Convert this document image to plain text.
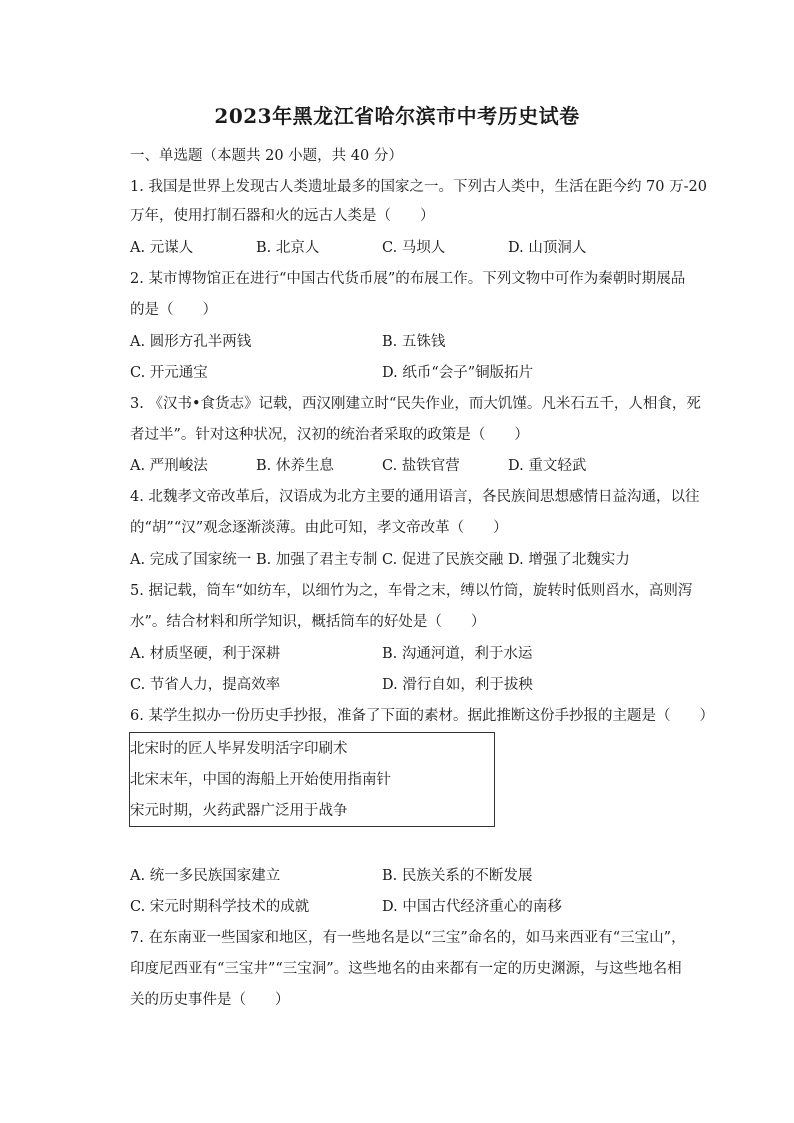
2023年黑龙江省哈尔滨市中考历史试卷
一、单选题（本题共 20 小题，共 40 分）
1. 我国是世界上发现古人类遗址最多的国家之一。下列古人类中，生活在距今约 70 万-20
万年，使用打制石器和火的远古人类是（　　）
A. 元谋人	B. 北京人	C. 马坝人	D. 山顶洞人
2. 某市博物馆正在进行“中国古代货币展”的布展工作。下列文物中可作为秦朝时期展品
的是（　　）
A. 圆形方孔半两钱	B. 五铢钱
C. 开元通宝	D. 纸币“会子”铜版拓片
3. 《汉书•食货志》记载，西汉刚建立时“民失作业，而大饥馑。凡米石五千，人相食，死
者过半”。针对这种状况，汉初的统治者采取的政策是（　　）
A. 严刑峻法	B. 休养生息	C. 盐铁官营	D. 重文轻武
4. 北魏孝文帝改革后，汉语成为北方主要的通用语言，各民族间思想感情日益沟通，以往
的“胡”“汉”观念逐渐淡薄。由此可知，孝文帝改革（　　）
A. 完成了国家统一 B. 加强了君主专制 C. 促进了民族交融 D. 增强了北魏实力
5. 据记载，筒车“如纺车，以细竹为之，车骨之末，缚以竹筒，旋转时低则舀水，高则泻
水”。结合材料和所学知识，概括筒车的好处是（　　）
A. 材质坚硬，利于深耕	B. 沟通河道，利于水运
C. 节省人力，提高效率	D. 滑行自如，利于拔秧
6. 某学生拟办一份历史手抄报，准备了下面的素材。据此推断这份手抄报的主题是（　　）
北宋时的匠人毕昇发明活字印刷术
北宋末年，中国的海船上开始使用指南针
宋元时期，火药武器广泛用于战争
A. 统一多民族国家建立	B. 民族关系的不断发展
C. 宋元时期科学技术的成就	D. 中国古代经济重心的南移
7. 在东南亚一些国家和地区，有一些地名是以“三宝”命名的，如马来西亚有“三宝山”，
印度尼西亚有“三宝井”“三宝洞”。这些地名的由来都有一定的历史渊源，与这些地名相
关的历史事件是（　　）
